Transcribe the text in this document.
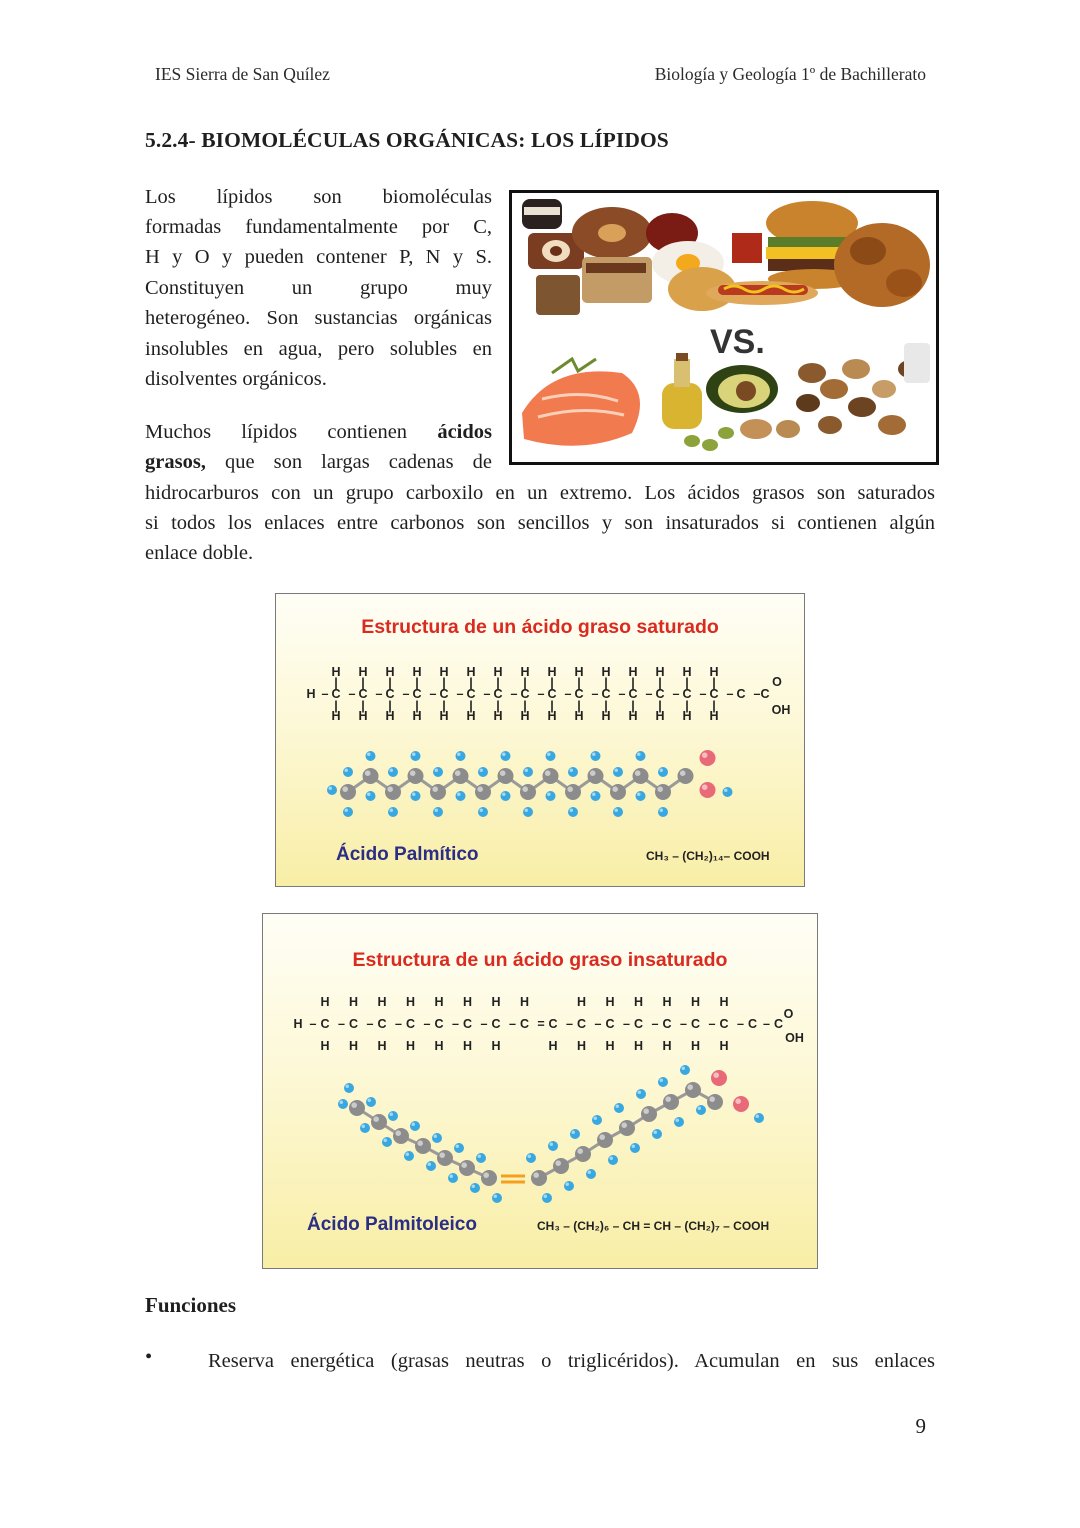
IES Sierra de San Quílez	Biología y Geología 1º de Bachillerato
5.2.4- BIOMOLÉCULAS ORGÁNICAS: LOS LÍPIDOS
Los lípidos son biomoléculas
formadas fundamentalmente por C,
H y O y pueden contener P, N y S.
Constituyen un grupo muy
heterogéneo. Son sustancias orgánicas
insolubles en agua, pero solubles en
disolventes orgánicos.
Muchos lípidos contienen ácidos
grasos, que son largas cadenas de
hidrocarburos con un grupo carboxilo en un extremo. Los ácidos grasos son saturados
si todos los enlaces entre carbonos son sencillos y son insaturados si contienen algún
enlace doble.
VS.
Estructura de un ácido graso saturado
H – C
H
H
|
|
– C
H
H
|
|
– C
H
H
|
|
– C
H
H
|
|
– C
H
H
|
|
– C
H
H
|
|
– C
H
H
|
|
– C
H
H
|
|
– C
H
H
|
|
– C
H
H
|
|
– C
H
H
|
|
– C
H
H
|
|
– C
H
H
|
|
– C
H
H
|
|
– C
H
H
|
|
– C – C
O
OH
Ácido Palmítico	CH₃ – (CH₂)₁₄– COOH
Estructura de un ácido graso insaturado
H – C
H
H
– C
H
H
– C
H
H
– C
H
H
– C
H
H
– C
H
H
– C
H
H
– C
H
= C
H
– C
H
H
– C
H
H
– C
H
H
– C
H
H
– C
H
H
– C
H
H
– C – C
O
OH
Ácido Palmitoleico	CH₃ – (CH₂)₆ – CH = CH – (CH₂)₇ – COOH
Funciones
•	Reserva energética (grasas neutras o triglicéridos). Acumulan en sus enlaces

9
